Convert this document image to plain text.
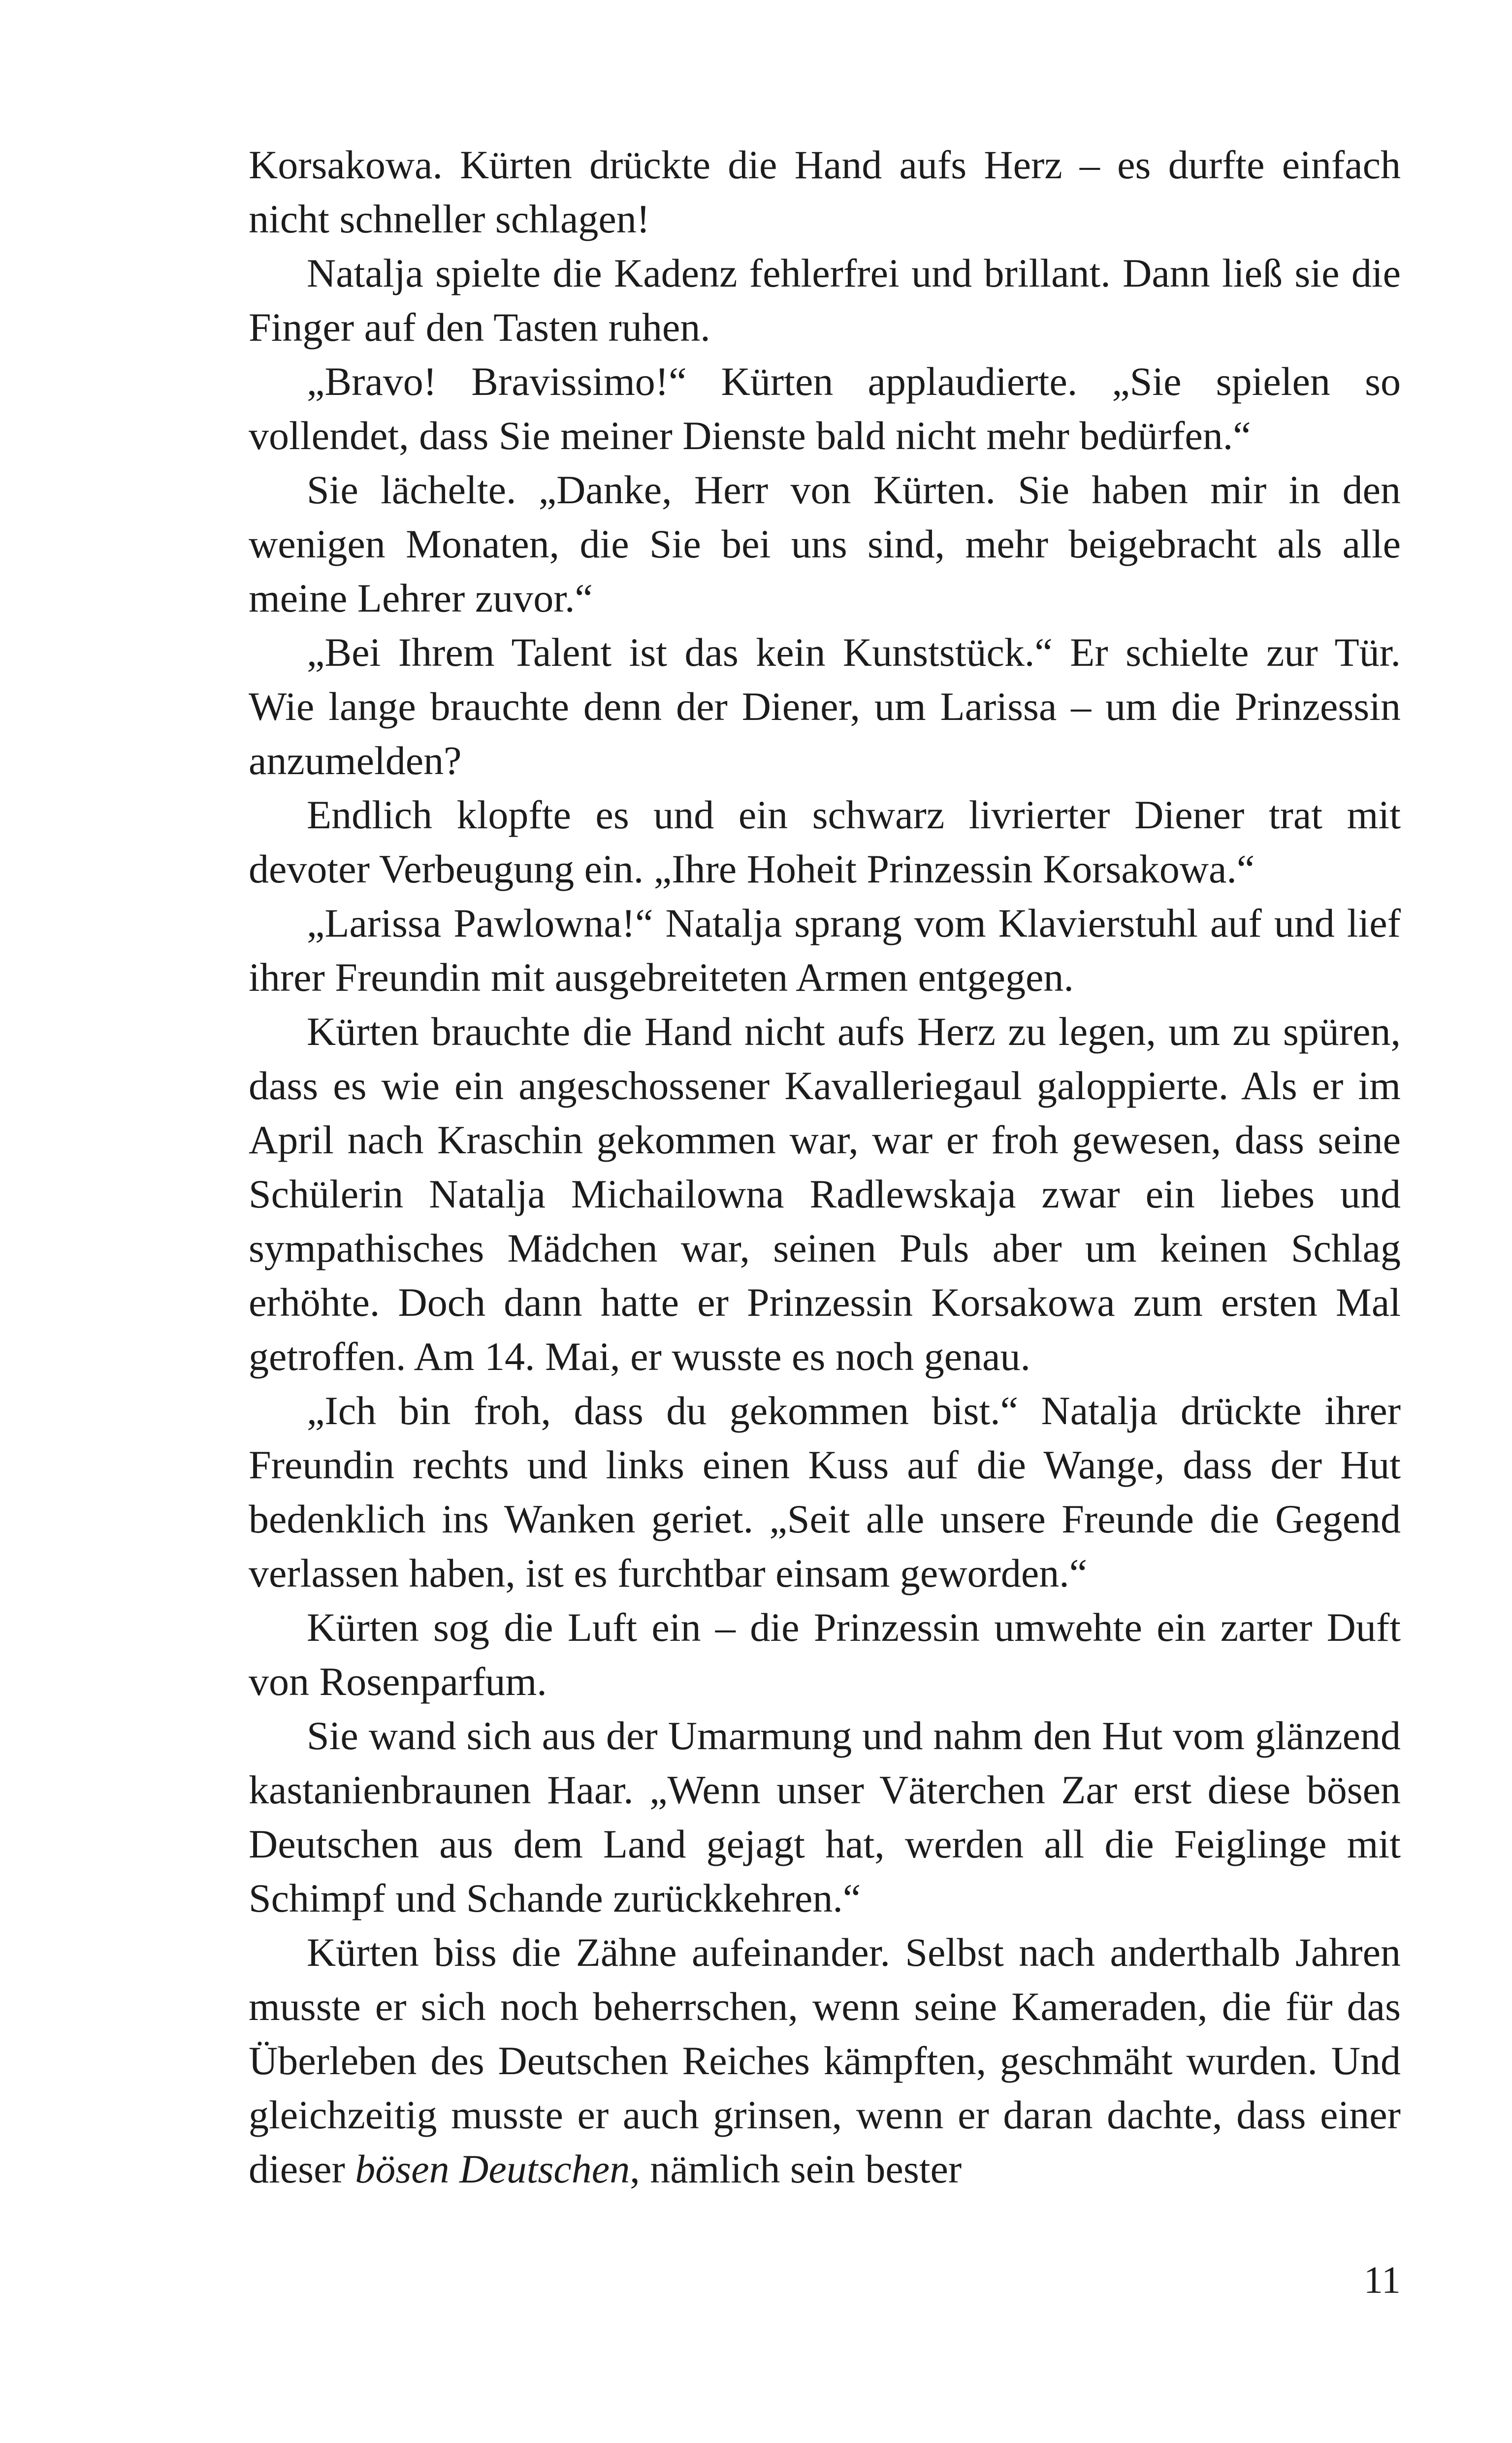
Korsakowa. Kürten drückte die Hand aufs Herz – es durfte einfach nicht schneller schlagen!

Natalja spielte die Kadenz fehlerfrei und brillant. Dann ließ sie die Finger auf den Tasten ruhen.

„Bravo! Bravissimo!“ Kürten applaudierte. „Sie spielen so vollendet, dass Sie meiner Dienste bald nicht mehr bedürfen.“

Sie lächelte. „Danke, Herr von Kürten. Sie haben mir in den wenigen Monaten, die Sie bei uns sind, mehr beigebracht als alle meine Lehrer zuvor.“

„Bei Ihrem Talent ist das kein Kunststück.“ Er schielte zur Tür. Wie lange brauchte denn der Diener, um Larissa – um die Prinzessin anzumelden?

Endlich klopfte es und ein schwarz livrierter Diener trat mit devoter Verbeugung ein. „Ihre Hoheit Prinzessin Korsakowa.“

„Larissa Pawlowna!“ Natalja sprang vom Klavierstuhl auf und lief ihrer Freundin mit ausgebreiteten Armen entgegen.

Kürten brauchte die Hand nicht aufs Herz zu legen, um zu spüren, dass es wie ein angeschossener Kavalleriegaul galoppierte. Als er im April nach Kraschin gekommen war, war er froh gewesen, dass seine Schülerin Natalja Michailowna Radlewskaja zwar ein liebes und sympathisches Mädchen war, seinen Puls aber um keinen Schlag erhöhte. Doch dann hatte er Prinzessin Korsakowa zum ersten Mal getroffen. Am 14. Mai, er wusste es noch genau.

„Ich bin froh, dass du gekommen bist.“ Natalja drückte ihrer Freundin rechts und links einen Kuss auf die Wange, dass der Hut bedenklich ins Wanken geriet. „Seit alle unsere Freunde die Gegend verlassen haben, ist es furchtbar einsam geworden.“

Kürten sog die Luft ein – die Prinzessin umwehte ein zarter Duft von Rosenparfum.

Sie wand sich aus der Umarmung und nahm den Hut vom glänzend kastanienbraunen Haar. „Wenn unser Väterchen Zar erst diese bösen Deutschen aus dem Land gejagt hat, werden all die Feiglinge mit Schimpf und Schande zurückkehren.“

Kürten biss die Zähne aufeinander. Selbst nach anderthalb Jahren musste er sich noch beherrschen, wenn seine Kameraden, die für das Überleben des Deutschen Reiches kämpften, geschmäht wurden. Und gleichzeitig musste er auch grinsen, wenn er daran dachte, dass einer dieser bösen Deutschen, nämlich sein bester

11
